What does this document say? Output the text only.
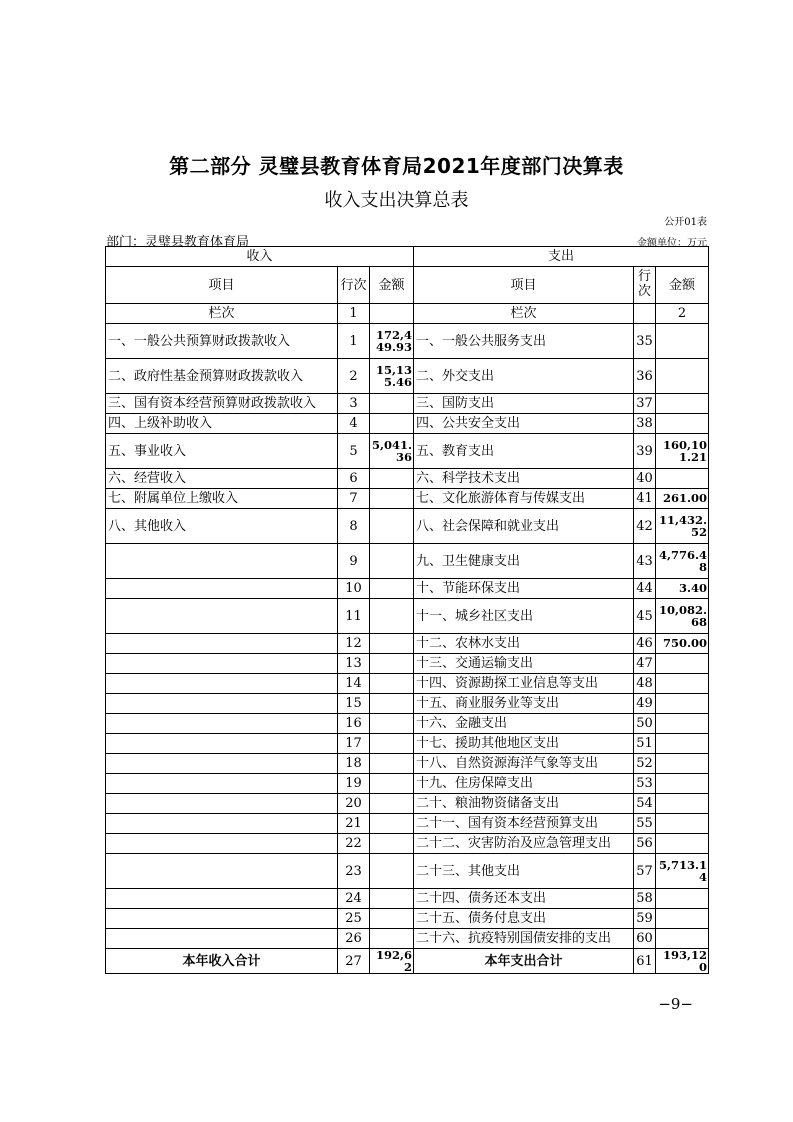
第二部分 灵璧县教育体育局2021年度部门决算表
收入支出决算总表
公开01表
部门：灵璧县教育体育局	金额单位：万元
收入			支出		
项目	行次	金额	项目	行次	金额
栏次	1		栏次		2
一、一般公共预算财政拨款收入	1	172,449.93	一、一般公共服务支出	35	
二、政府性基金预算财政拨款收入	2	15,135.46	二、外交支出	36	
三、国有资本经营预算财政拨款收入	3		三、国防支出	37	
四、上级补助收入	4		四、公共安全支出	38	
五、事业收入	5	5,041.36	五、教育支出	39	160,101.21
六、经营收入	6		六、科学技术支出	40	
七、附属单位上缴收入	7		七、文化旅游体育与传媒支出	41	261.00
八、其他收入	8		八、社会保障和就业支出	42	11,432.52
	9		九、卫生健康支出	43	4,776.48
	10		十、节能环保支出	44	3.40
	11		十一、城乡社区支出	45	10,082.68
	12		十二、农林水支出	46	750.00
	13		十三、交通运输支出	47	
	14		十四、资源勘探工业信息等支出	48	
	15		十五、商业服务业等支出	49	
	16		十六、金融支出	50	
	17		十七、援助其他地区支出	51	
	18		十八、自然资源海洋气象等支出	52	
	19		十九、住房保障支出	53	
	20		二十、粮油物资储备支出	54	
	21		二十一、国有资本经营预算支出	55	
	22		二十二、灾害防治及应急管理支出	56	
	23		二十三、其他支出	57	5,713.14
	24		二十四、债务还本支出	58	
	25		二十五、债务付息支出	59	
	26		二十六、抗疫特别国债安排的支出	60	
本年收入合计	27	192,62	本年支出合计	61	193,120
−9−
